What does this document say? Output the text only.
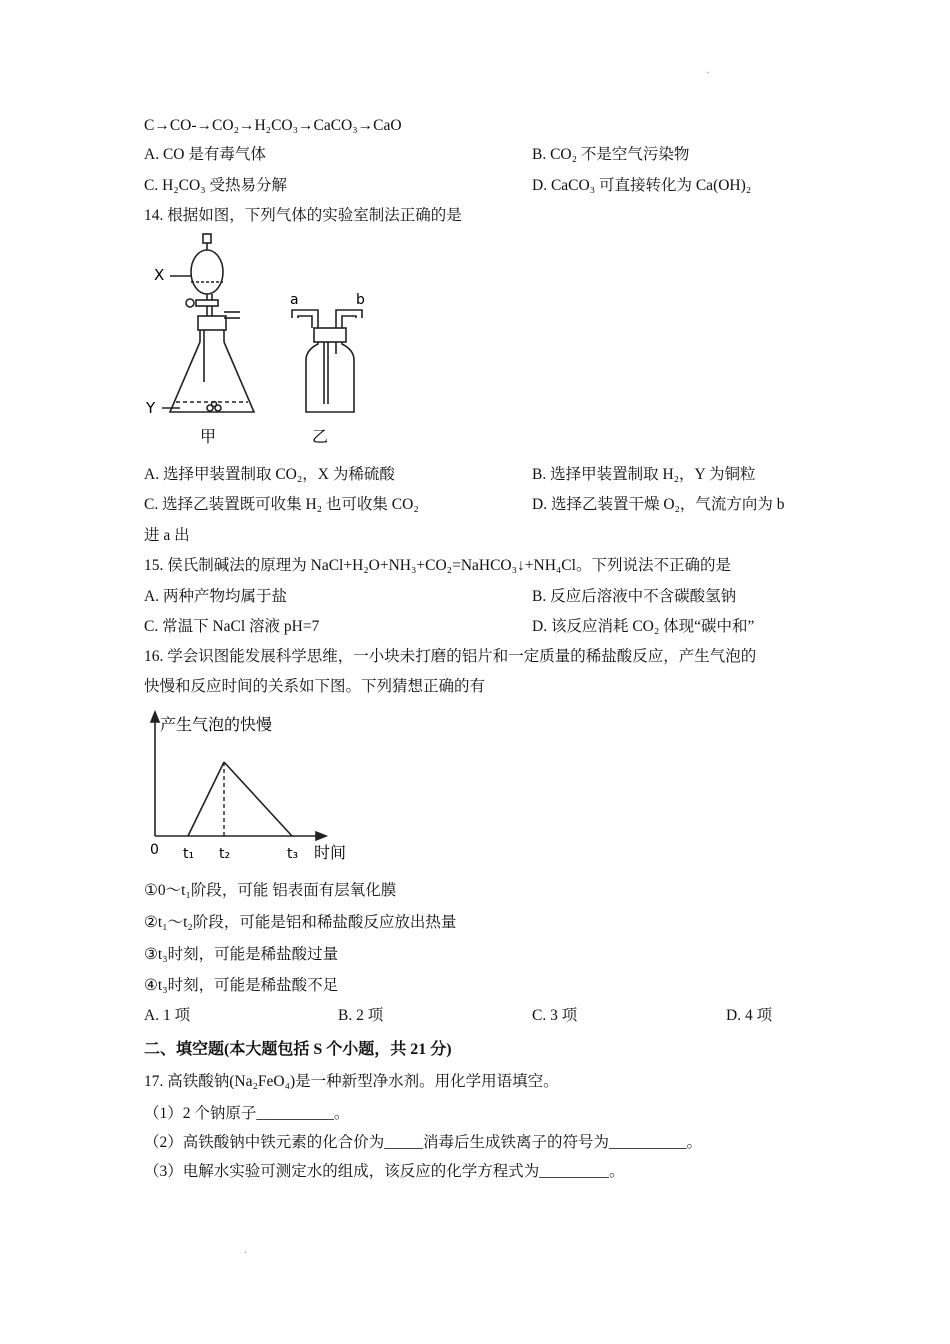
·
C→CO-→CO₂→H₂CO₃→CaCO₃→CaO
A. CO 是有毒气体	B. CO₂ 不是空气污染物
C. H₂CO₃ 受热易分解	D. CaCO₃ 可直接转化为 Ca(OH)₂
14. 根据如图，下列气体的实验室制法正确的是
X
Y
a	b
甲	乙
A. 选择甲装置制取 CO₂，X 为稀硫酸	B. 选择甲装置制取 H₂，Y 为铜粒
C. 选择乙装置既可收集 H₂ 也可收集 CO₂	D. 选择乙装置干燥 O₂，气流方向为 b
进 a 出
15. 侯氏制碱法的原理为 NaCl+H₂O+NH₃+CO₂=NaHCO₃↓+NH₄Cl。下列说法不正确的是
A. 两种产物均属于盐	B. 反应后溶液中不含碳酸氢钠
C. 常温下 NaCl 溶液 pH=7	D. 该反应消耗 CO₂ 体现“碳中和”
16. 学会识图能发展科学思维，一小块未打磨的铝片和一定质量的稀盐酸反应，产生气泡的
快慢和反应时间的关系如下图。下列猜想正确的有
产生气泡的快慢
时间
0 t₁ t₂	t₃
①0～t₁阶段，可能 铝表面有层氧化膜
②t₁～t₂阶段，可能是铝和稀盐酸反应放出热量
③t₃时刻，可能是稀盐酸过量
④t₃时刻，可能是稀盐酸不足
A. 1 项	B. 2 项	C. 3 项	D. 4 项
二、填空题(本大题包括 S 个小题，共 21 分)
17. 高铁酸钠(Na₂FeO₄)是一种新型净水剂。用化学用语填空。
（1）2 个钠原子__________。
（2）高铁酸钠中铁元素的化合价为_____消毒后生成铁离子的符号为__________。
（3）电解水实验可测定水的组成，该反应的化学方程式为_________。
·
